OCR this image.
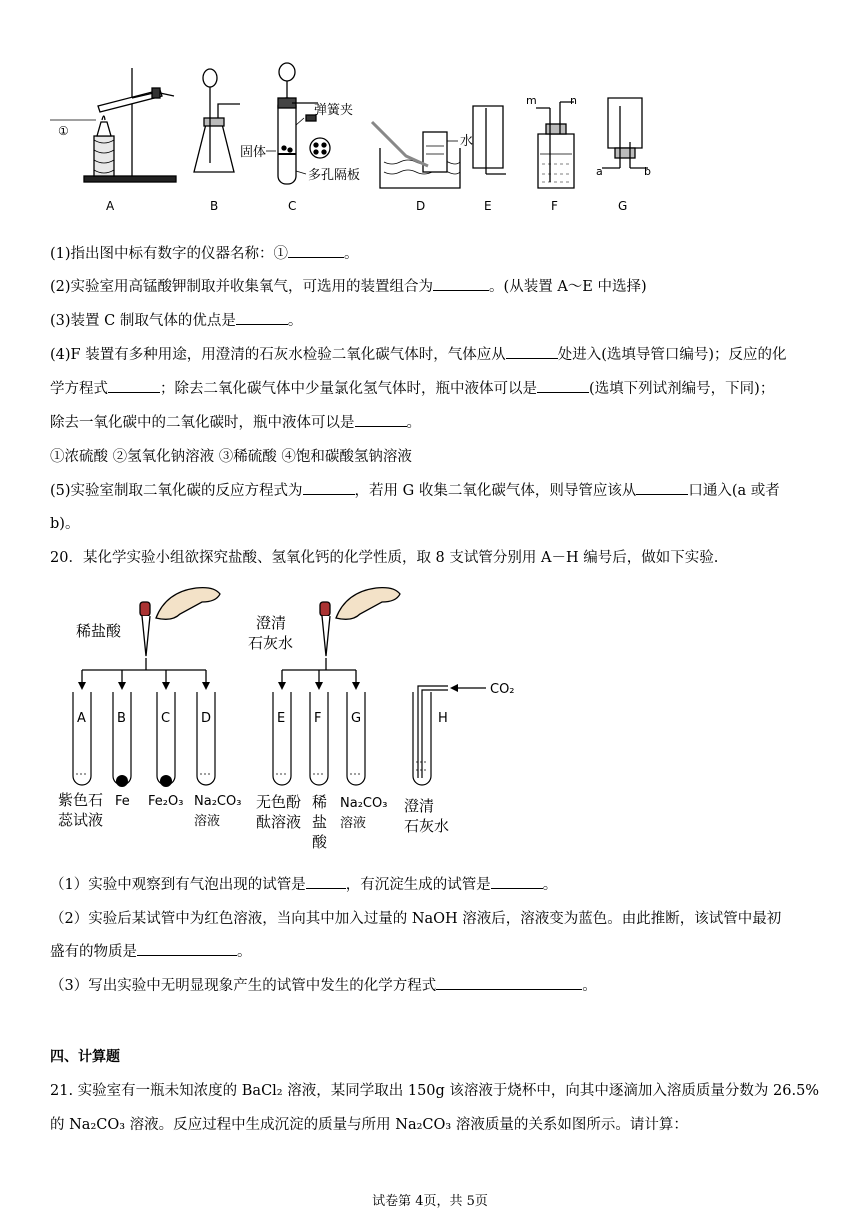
①
弹簧夹
固体
多孔隔板
水
m	n
a	b
A	B	C	D	E	F	G
(1)指出图中标有数字的仪器名称：①	。
(2)实验室用高锰酸钾制取并收集氧气，可选用的装置组合为	。(从装置 A～E 中选择)
(3)装置 C 制取气体的优点是	。
(4)F 装置有多种用途，用澄清的石灰水检验二氧化碳气体时，气体应从	处进入(选填导管口编号)；反应的化
学方程式	；除去二氧化碳气体中少量氯化氢气体时，瓶中液体可以是	(选填下列试剂编号，下同)；
除去一氧化碳中的二氧化碳时，瓶中液体可以是	。
①浓硫酸 ②氢氧化钠溶液 ③稀硫酸 ④饱和碳酸氢钠溶液
(5)实验室制取二氧化碳的反应方程式为	，若用 G 收集二氧化碳气体，则导管应该从	口通入(a 或者
b)。
20．某化学实验小组欲探究盐酸、氢氧化钙的化学性质，取 8 支试管分别用 A－H 编号后，做如下实验.
稀盐酸	澄清
石灰水
CO₂
A B	C D	E F G	H
紫色石
蕊试液
Fe Fe₂O₃ Na₂CO₃
溶液
无色酚
酞溶液
稀
盐
酸
Na₂CO₃
溶液
澄清
石灰水
（1）实验中观察到有气泡出现的试管是	，有沉淀生成的试管是	。
（2）实验后某试管中为红色溶液，当向其中加入过量的 NaOH 溶液后，溶液变为蓝色。由此推断，该试管中最初
盛有的物质是	。
（3）写出实验中无明显现象产生的试管中发生的化学方程式	。
四、计算题
21. 实验室有一瓶未知浓度的 BaCl₂ 溶液，某同学取出 150g 该溶液于烧杯中，向其中逐滴加入溶质质量分数为 26.5%
的 Na₂CO₃ 溶液。反应过程中生成沉淀的质量与所用 Na₂CO₃ 溶液质量的关系如图所示。请计算：
试卷第 4页，共 5页
